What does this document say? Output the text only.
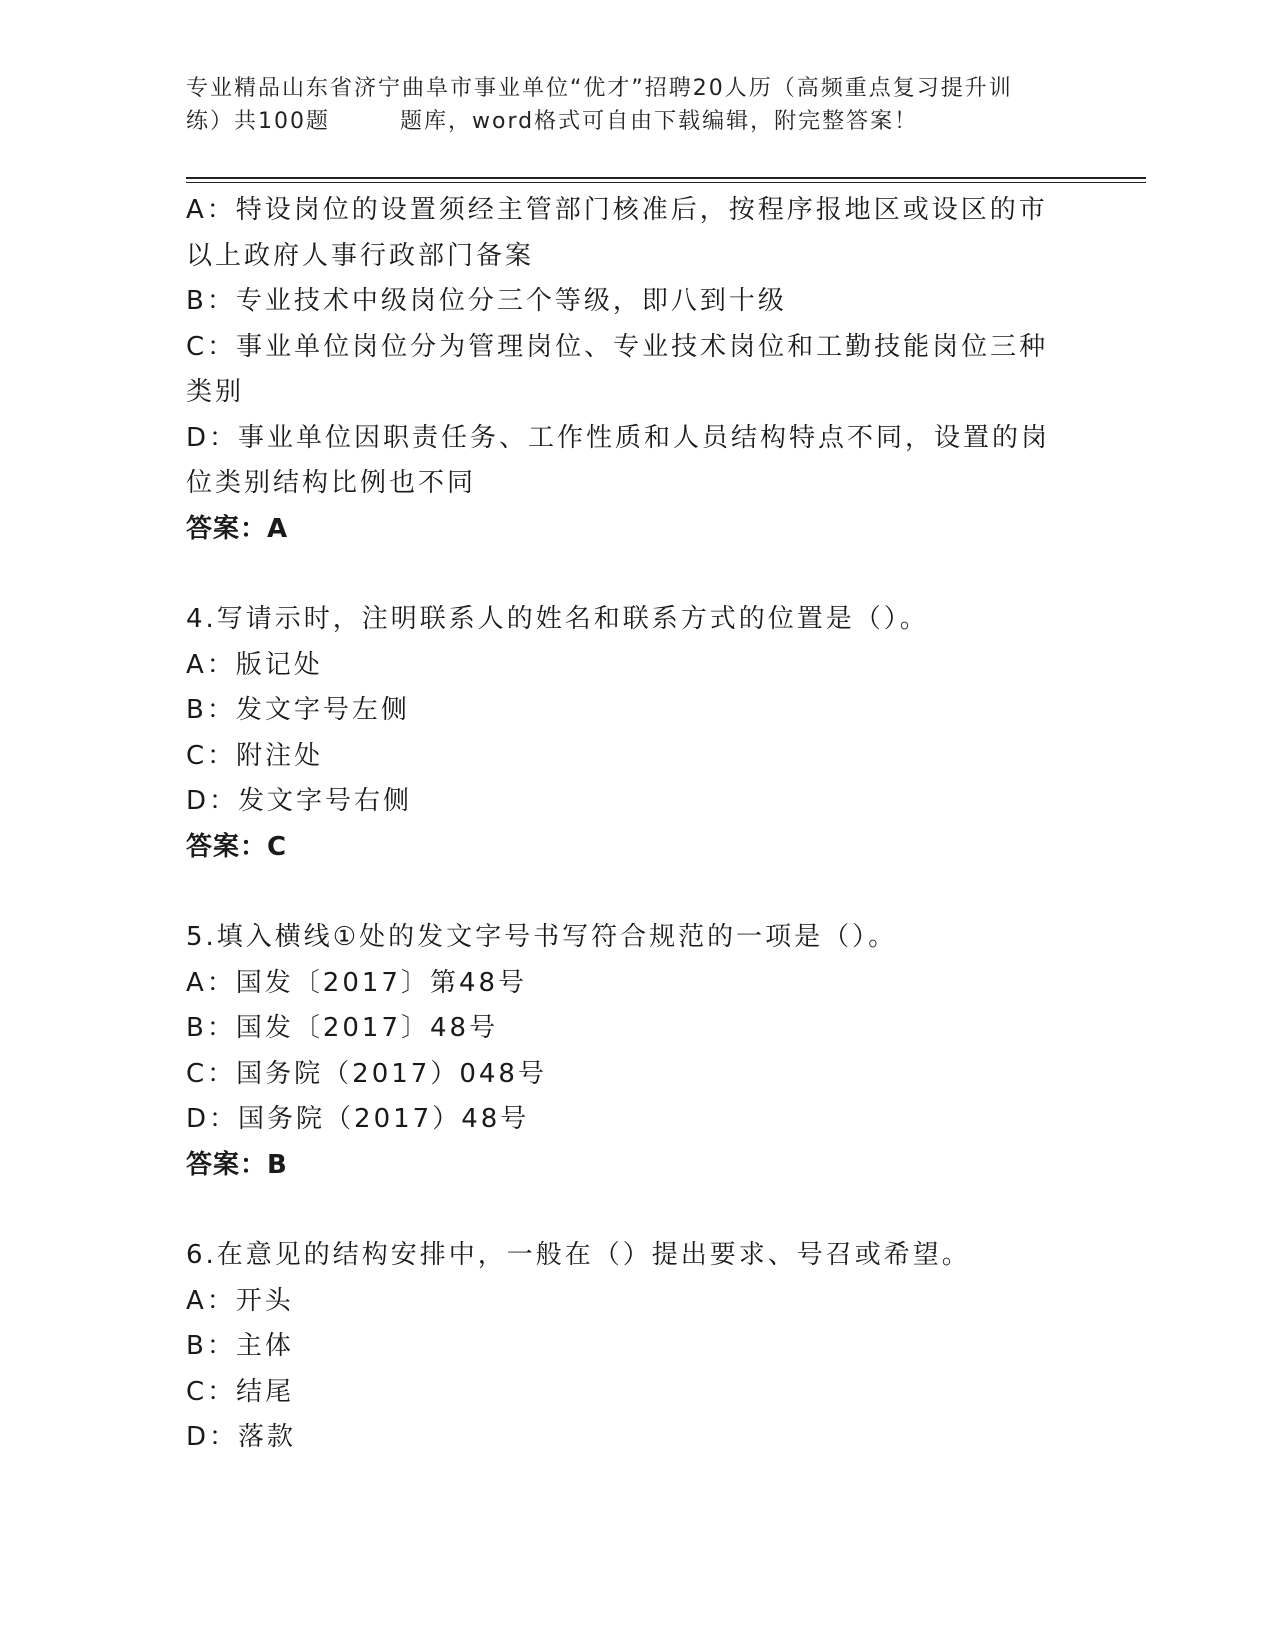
专业精品山东省济宁曲阜市事业单位“优才”招聘20人历（高频重点复习提升训
练）共100题	题库，word格式可自由下载编辑，附完整答案！

A：特设岗位的设置须经主管部门核准后，按程序报地区或设区的市以上政府人事行政部门备案

B：专业技术中级岗位分三个等级，即八到十级

C：事业单位岗位分为管理岗位、专业技术岗位和工勤技能岗位三种类别

D：事业单位因职责任务、工作性质和人员结构特点不同，设置的岗位类别结构比例也不同

答案：A

4.写请示时，注明联系人的姓名和联系方式的位置是（）。

A：版记处

B：发文字号左侧

C：附注处

D：发文字号右侧

答案：C

5.填入横线①处的发文字号书写符合规范的一项是（）。

A：国发〔2017〕第48号

B：国发〔2017〕48号

C：国务院（2017）048号

D：国务院（2017）48号

答案：B

6.在意见的结构安排中，一般在（）提出要求、号召或希望。

A：开头

B：主体

C：结尾

D：落款
